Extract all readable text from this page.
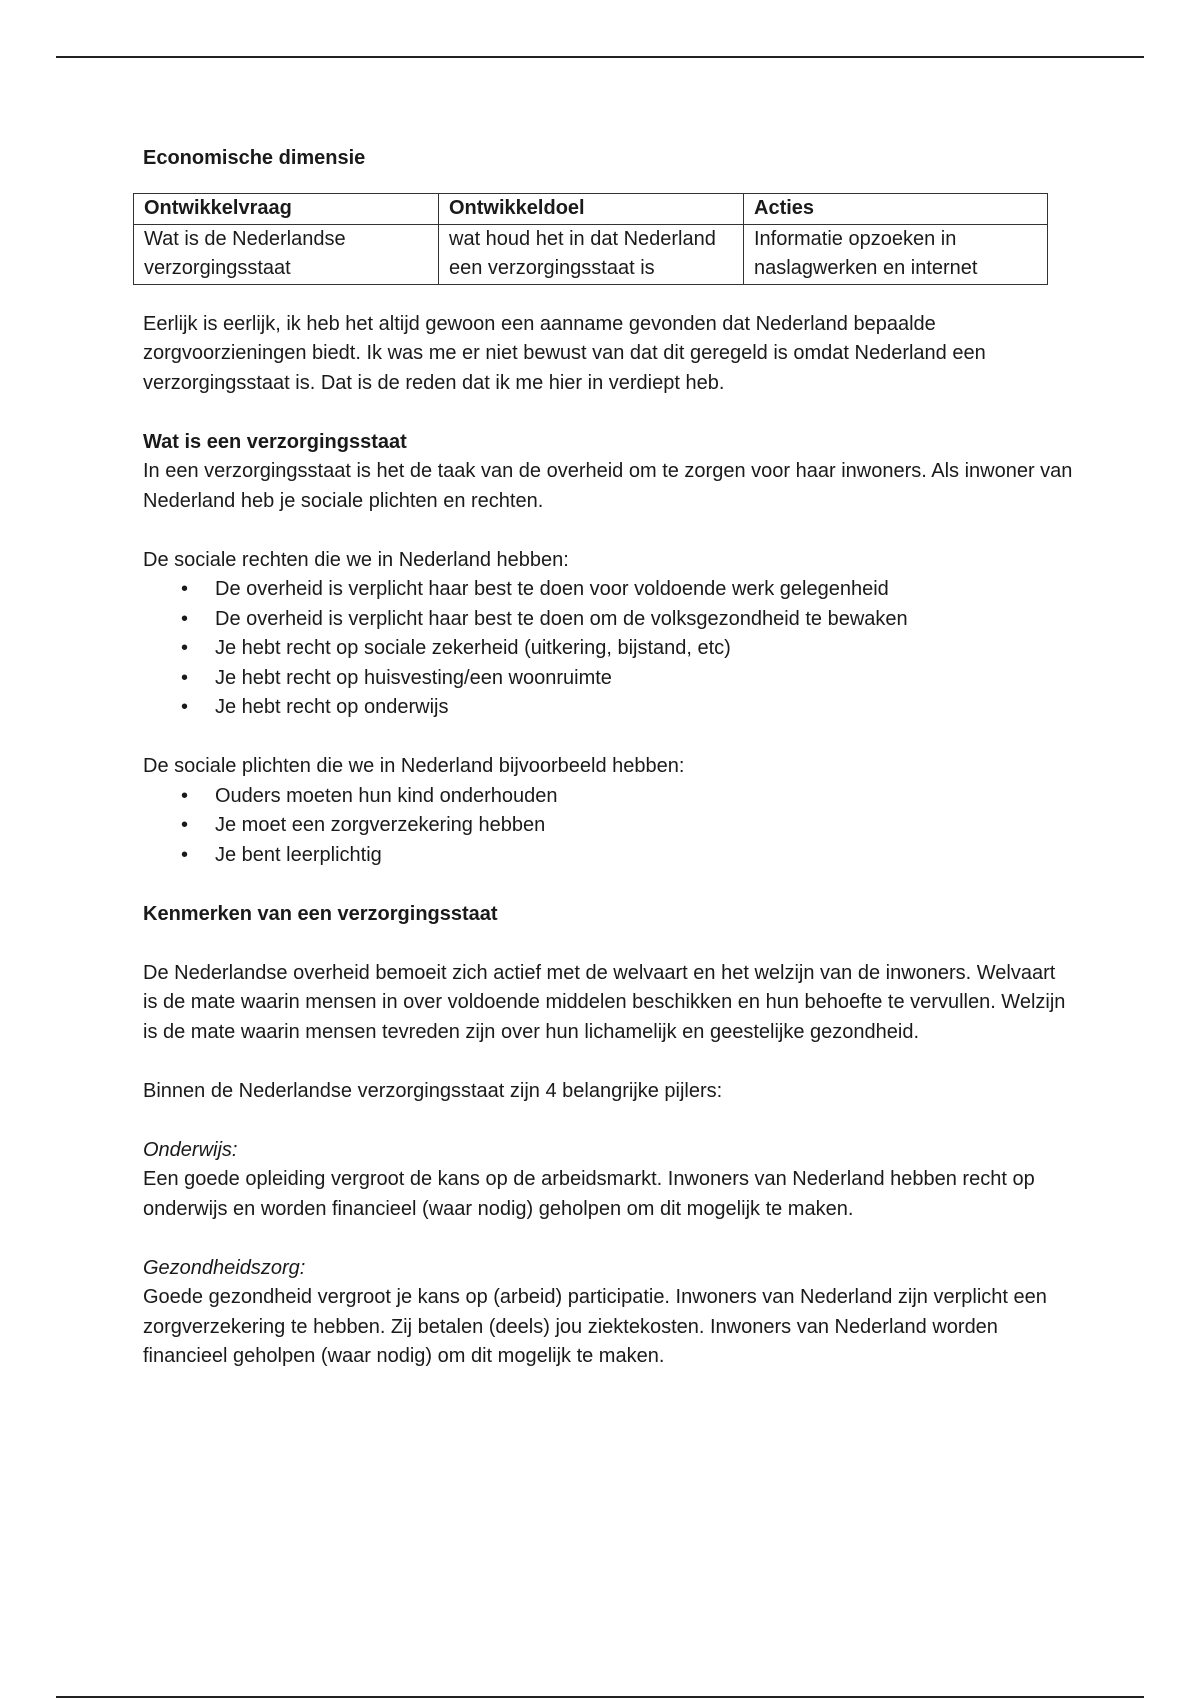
Economische dimensie

Ontwikkelvraag	Ontwikkeldoel	Acties
Wat is de Nederlandse verzorgingsstaat	wat houd het in dat Nederland een verzorgingsstaat is	Informatie opzoeken in naslagwerken en internet

Eerlijk is eerlijk, ik heb het altijd gewoon een aanname gevonden dat Nederland bepaalde zorgvoorzieningen biedt. Ik was me er niet bewust van dat dit geregeld is omdat Nederland een verzorgingsstaat is. Dat is de reden dat ik me hier in verdiept heb.

Wat is een verzorgingsstaat

In een verzorgingsstaat is het de taak van de overheid om te zorgen voor haar inwoners. Als inwoner van Nederland heb je sociale plichten en rechten.

De sociale rechten die we in Nederland hebben:

• De overheid is verplicht haar best te doen voor voldoende werk gelegenheid
• De overheid is verplicht haar best te doen om de volksgezondheid te bewaken
• Je hebt recht op sociale zekerheid (uitkering, bijstand, etc)
• Je hebt recht op huisvesting/een woonruimte
• Je hebt recht op onderwijs

De sociale plichten die we in Nederland bijvoorbeeld hebben:

• Ouders moeten hun kind onderhouden
• Je moet een zorgverzekering hebben
• Je bent leerplichtig

Kenmerken van een verzorgingsstaat

De Nederlandse overheid bemoeit zich actief met de welvaart en het welzijn van de inwoners. Welvaart is de mate waarin mensen in over voldoende middelen beschikken en hun behoefte te vervullen. Welzijn is de mate waarin mensen tevreden zijn over hun lichamelijk en geestelijke gezondheid.

Binnen de Nederlandse verzorgingsstaat zijn 4 belangrijke pijlers:

Onderwijs:

Een goede opleiding vergroot de kans op de arbeidsmarkt. Inwoners van Nederland hebben recht op onderwijs en worden financieel (waar nodig) geholpen om dit mogelijk te maken.

Gezondheidszorg:

Goede gezondheid vergroot je kans op (arbeid) participatie. Inwoners van Nederland zijn verplicht een zorgverzekering te hebben. Zij betalen (deels) jou ziektekosten. Inwoners van Nederland worden financieel geholpen (waar nodig) om dit mogelijk te maken.
